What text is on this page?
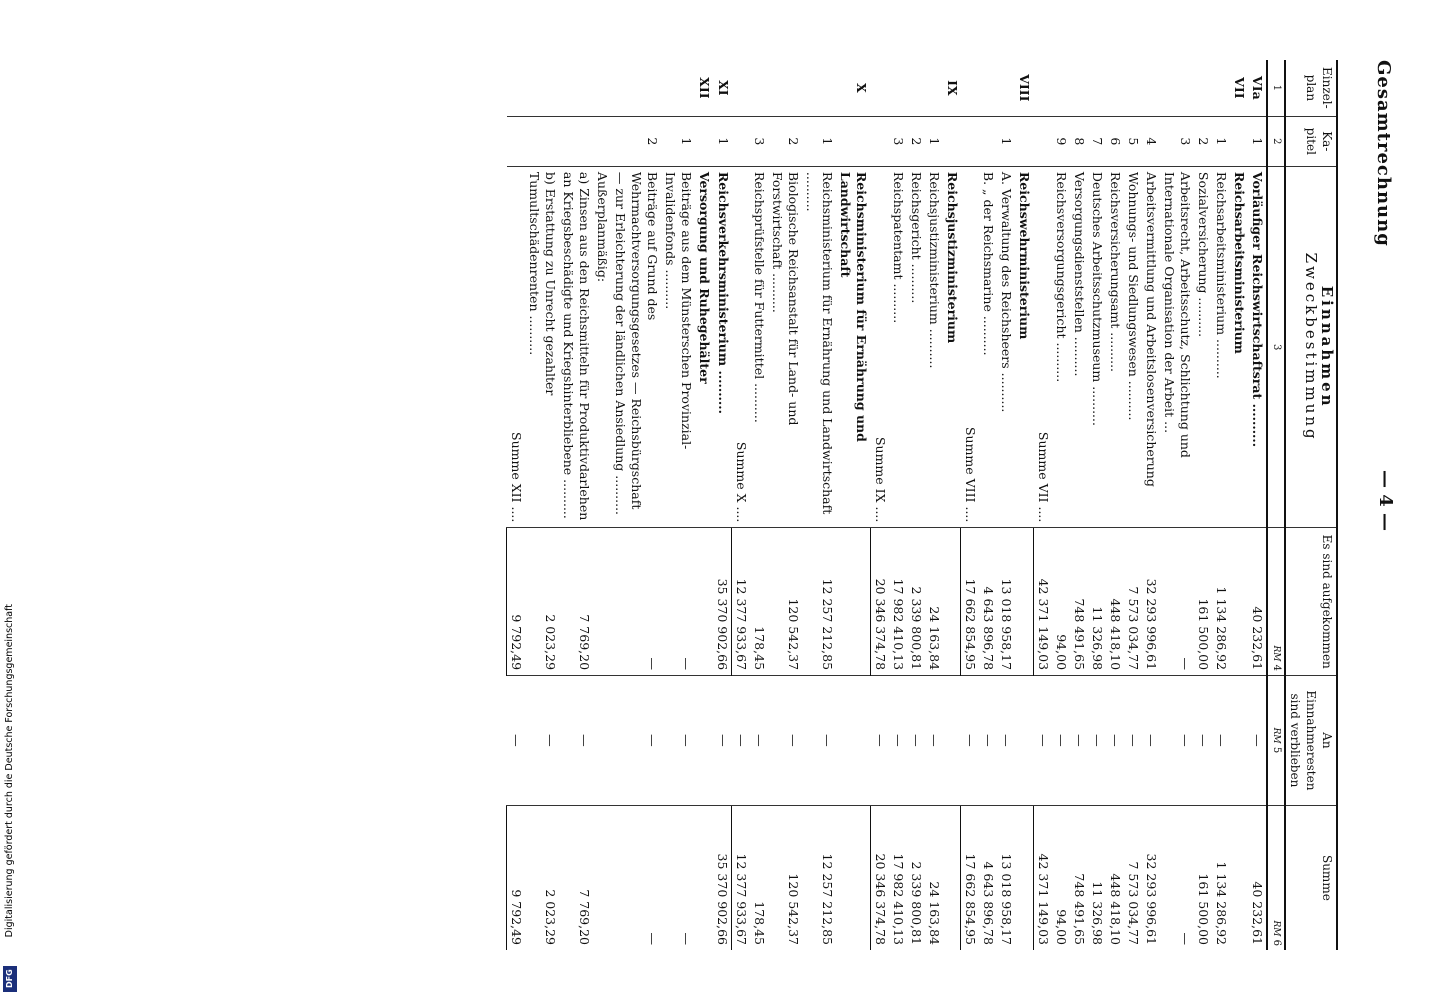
Digitalisierung gefördert durch die Deutsche Forschungsgemeinschaft
DFG
Gesamtrechnung
— 4 —
Einzel-plan	Ka-pitel	Einnahmen
Zweckbestimmung	Es sind aufgekommen	An Einnahmeresten sind verblieben	Summe
1	2	3	RM 4	RM 5	RM 6
VIa	1	Vorläufiger Reichswirtschaftsrat ..........	40 232,61	—	40 232,61
VII		Reichsarbeitsministerium			
	1	Reichsarbeitsministerium ..........	1 134 286,92	—	1 134 286,92
	2	Sozialversicherung ..........	161 500,00	—	161 500,00
	3	Arbeitsrecht, Arbeitsschutz, Schlichtung und Internationale Organisation der Arbeit ...	—	—	—
	4	Arbeitsvermittlung und Arbeitslosenversicherung	32 293 996,61	—	32 293 996,61
	5	Wohnungs- und Siedlungswesen ..........	7 573 034,77	—	7 573 034,77
	6	Reichsversicherungsamt ..........	448 418,10	—	448 418,10
	7	Deutsches Arbeitsschutzmuseum ..........	11 326,98	—	11 326,98
	8	Versorgungsdienststellen ..........	748 491,65	—	748 491,65
	9	Reichsversorgungsgericht ..........	94,00	—	94,00
		Summe VII ....	42 371 149,03	—	42 371 149,03
VIII		Reichswehrministerium			
	1	A. Verwaltung des Reichsheers ..........	13 018 958,17	—	13 018 958,17
		B. „ der Reichsmarine ..........	4 643 896,78	—	4 643 896,78
		Summe VIII ....	17 662 854,95	—	17 662 854,95
IX		Reichsjustizministerium			
	1	Reichsjustizministerium ..........	24 163,84	—	24 163,84
	2	Reichsgericht ..........	2 339 800,81	—	2 339 800,81
	3	Reichspatentamt ..........	17 982 410,13	—	17 982 410,13
		Summe IX ....	20 346 374,78	—	20 346 374,78
X		Reichsministerium für Ernährung und Landwirtschaft			
	1	Reichsministerium für Ernährung und Landwirtschaft ..........	12 257 212,85	—	12 257 212,85
	2	Biologische Reichsanstalt für Land- und Forstwirtschaft ..........	120 542,37	—	120 542,37
	3	Reichsprüfstelle für Futtermittel ..........	178,45	—	178,45
		Summe X ....	12 377 933,67	—	12 377 933,67
XI	1	Reichsverkehrsministerium ..........	35 370 902,66	—	35 370 902,66
XII		Versorgung und Ruhegehälter			
	1	Beiträge aus dem Münsterschen Provinzial-Invalidenfonds ..........	—	—	—
	2	Beiträge auf Grund des Wehrmachtversorgungsgesetzes — Reichsbürgschaft — zur Erleichterung der ländlichen Ansiedlung ..........	—	—	—
		Außerplanmäßig:			
		a) Zinsen aus den Reichsmitteln für Produktivdarlehen an Kriegsbeschädigte und Kriegshinterbliebene ..........	7 769,20	—	7 769,20
		b) Erstattung zu Unrecht gezahlter Tumultschädenrenten ..........	2 023,29	—	2 023,29
		Summe XII ....	9 792,49	—	9 792,49
